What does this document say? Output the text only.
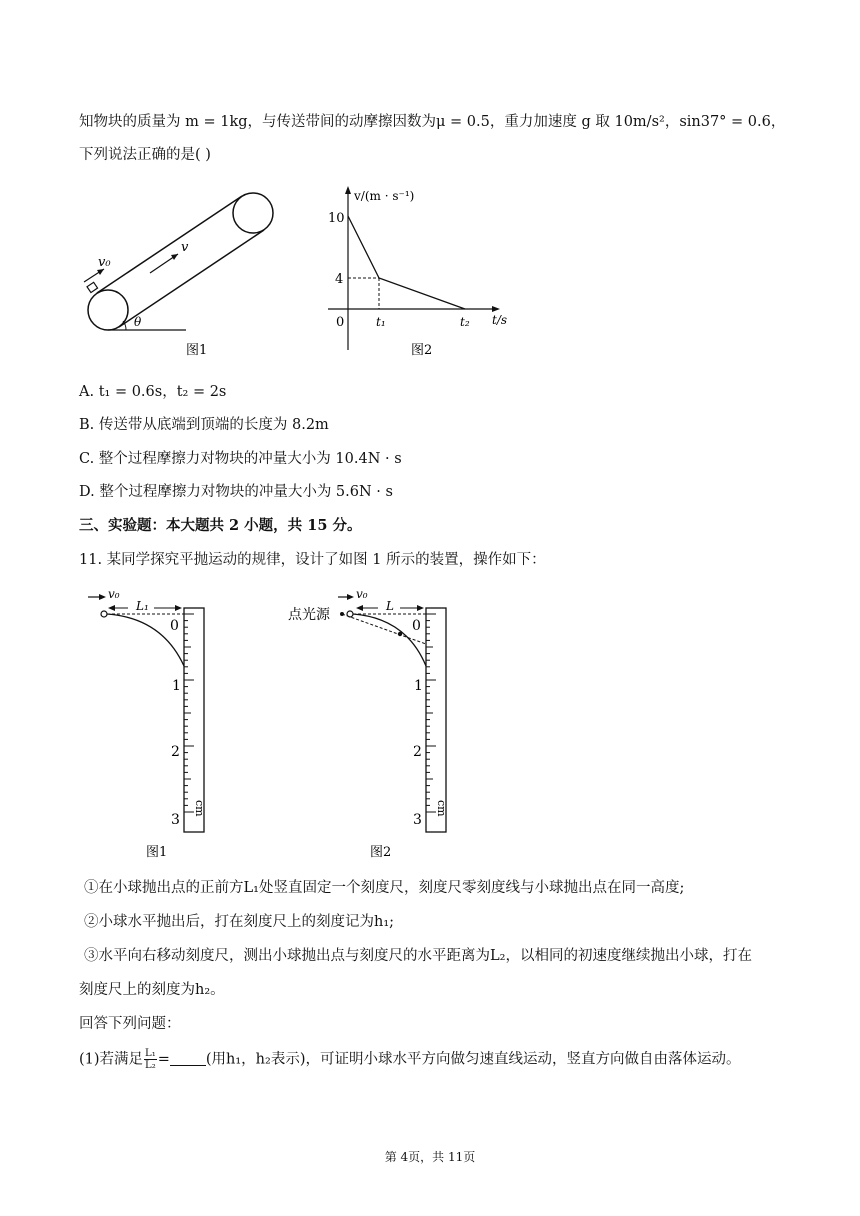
知物块的质量为 m = 1kg，与传送带间的动摩擦因数为μ = 0.5，重力加速度 g 取 10m/s²，sin37° = 0.6，
下列说法正确的是( )
v₀
v
θ
图1
v/(m · s⁻¹)
t/s
0
10
4
t₁	t₂
图2
A. t₁ = 0.6s，t₂ = 2s
B. 传送带从底端到顶端的长度为 8.2m
C. 整个过程摩擦力对物块的冲量大小为 10.4N · s
D. 整个过程摩擦力对物块的冲量大小为 5.6N · s
三、实验题：本大题共 2 小题，共 15 分。
11. 某同学探究平抛运动的规律，设计了如图 1 所示的装置，操作如下：
v₀
L₁
0
1
2
3
cm
图1
v₀
L
点光源
0
1
2
3
cm
图2
①在小球抛出点的正前方L₁处竖直固定一个刻度尺，刻度尺零刻度线与小球抛出点在同一高度;
②小球水平抛出后，打在刻度尺上的刻度记为h₁;
③水平向右移动刻度尺，测出小球抛出点与刻度尺的水平距离为L₂，以相同的初速度继续抛出小球，打在
刻度尺上的刻度为h₂。
回答下列问题：
(1)若满足 $\frac{\text{L₁}}{\text{L₂}}$ = (用h₁，h₂表示)，可证明小球水平方向做匀速直线运动，竖直方向做自由落体运动。
第 4页，共 11页
